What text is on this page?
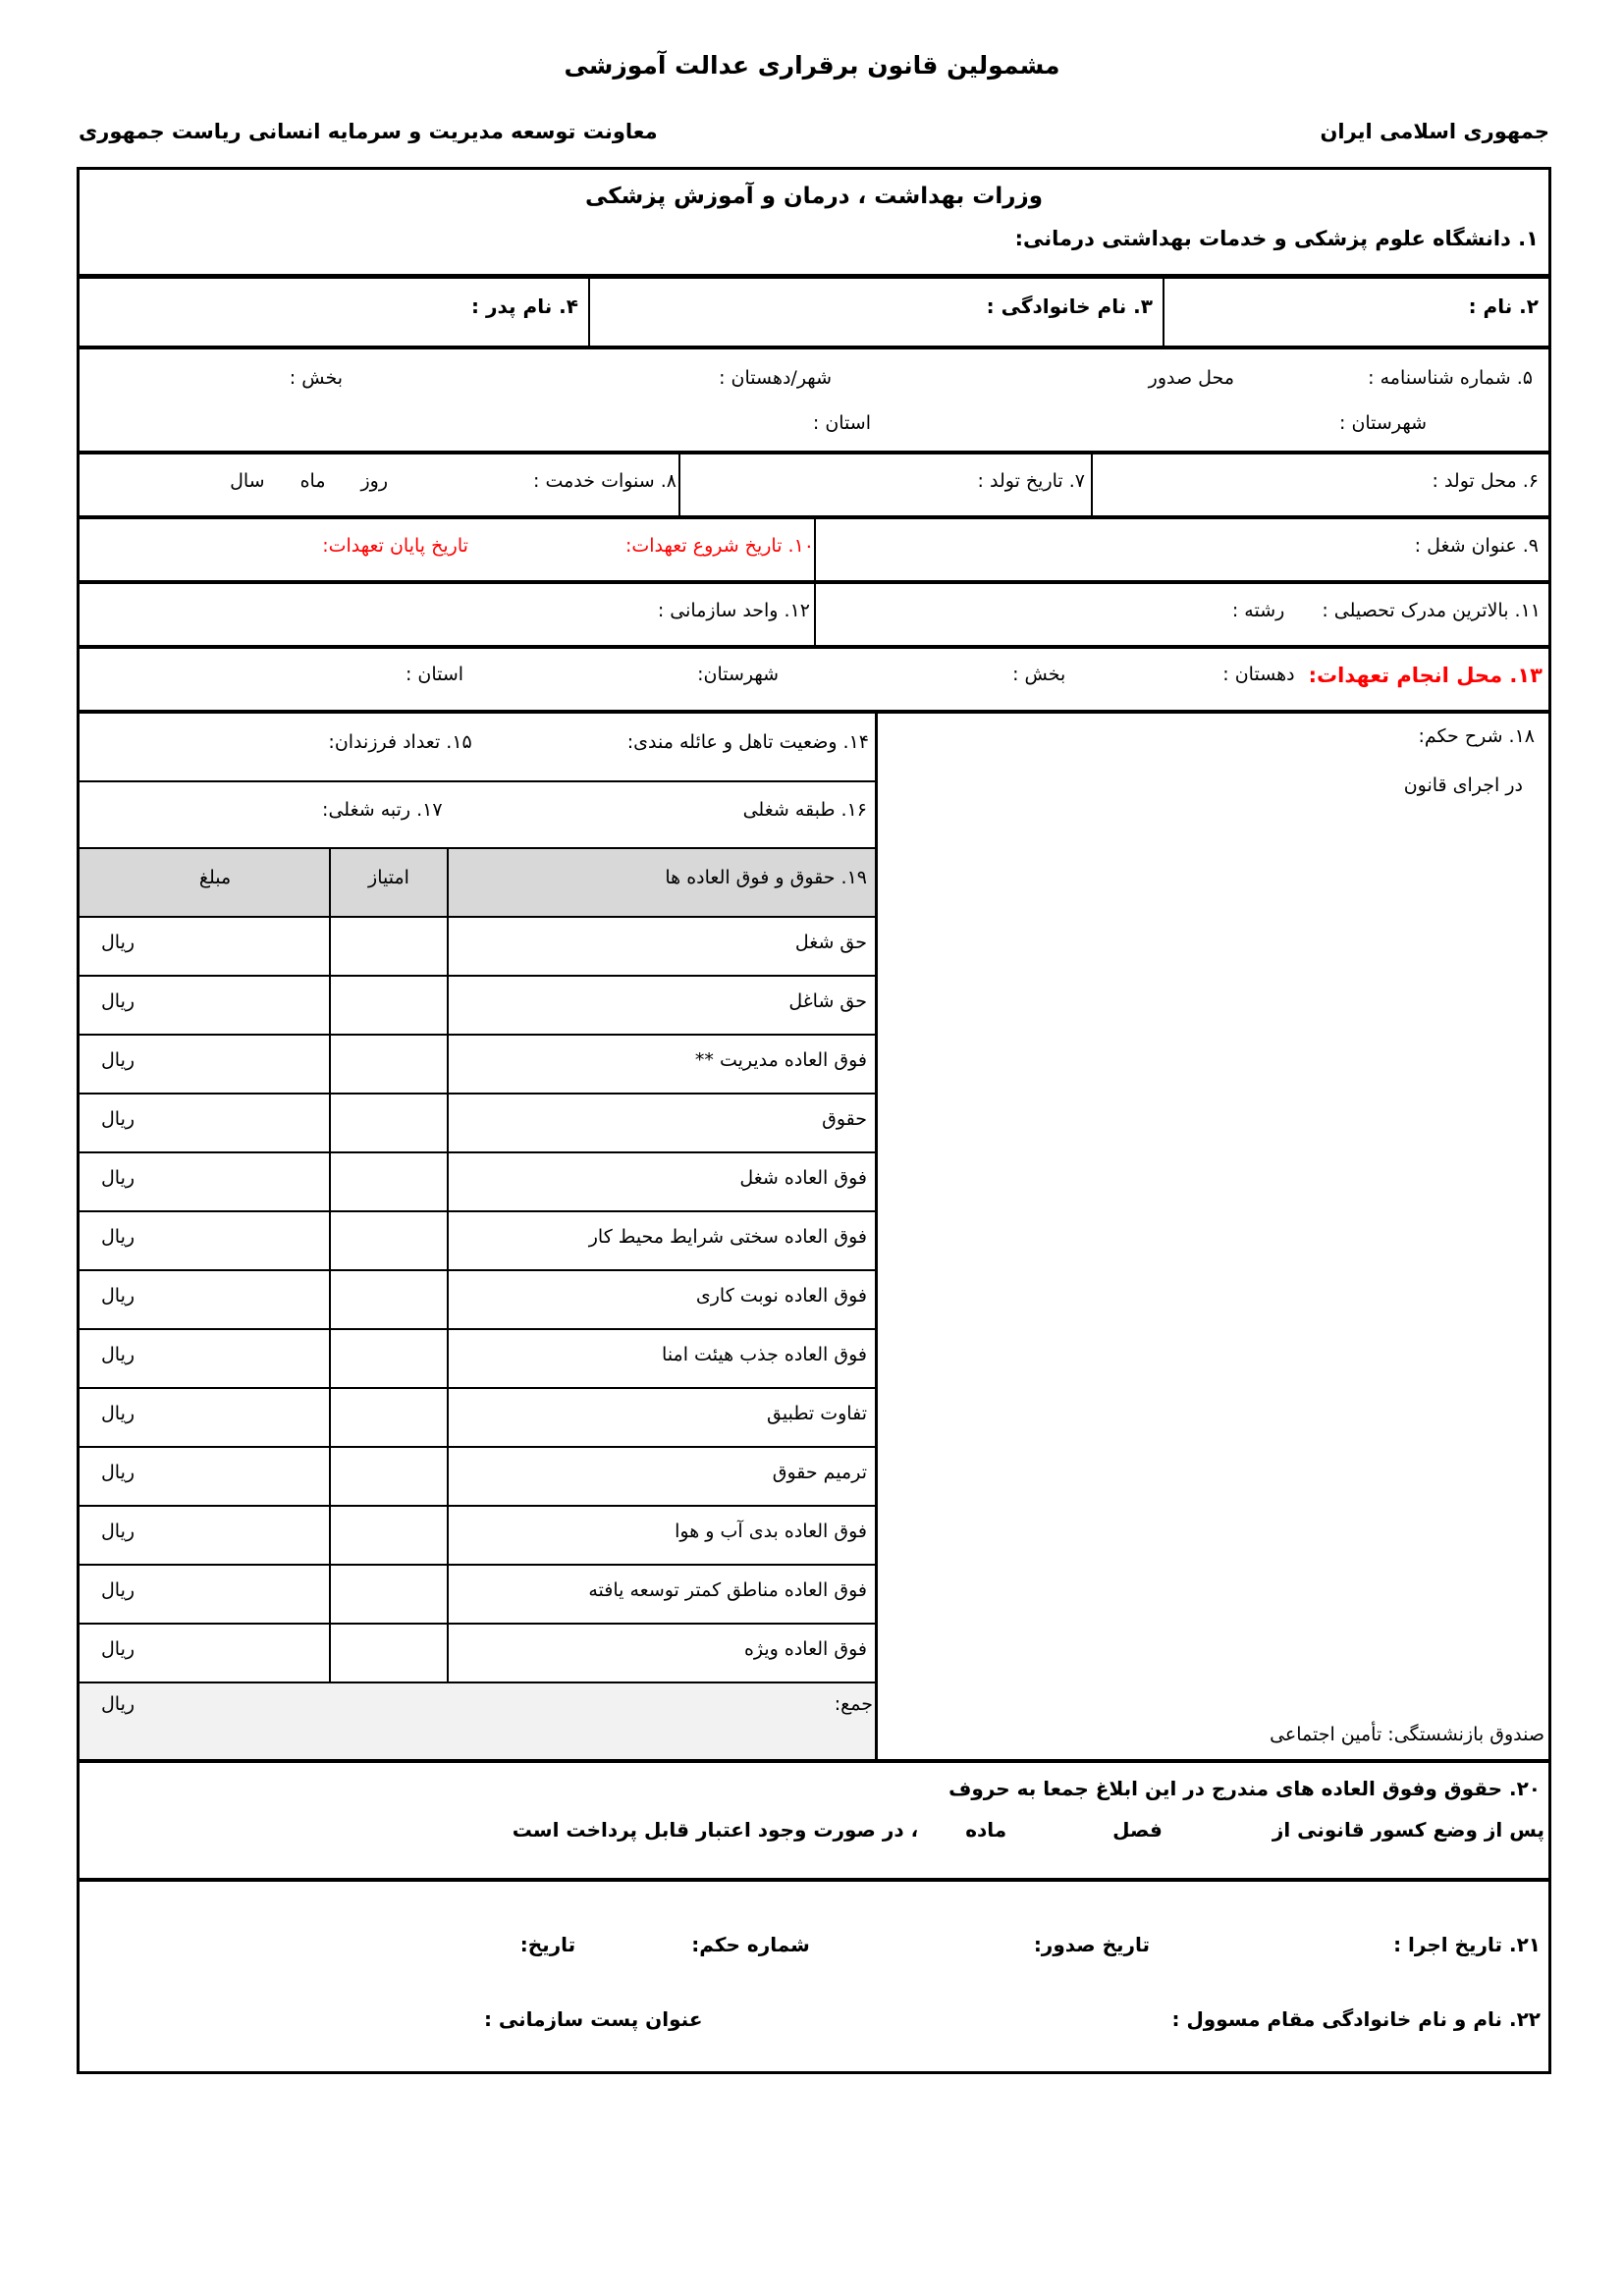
مشمولین قانون برقراری عدالت آموزشی
جمهوری اسلامی ایران
معاونت توسعه مدیریت و سرمایه انسانی ریاست جمهوری
وزرات بهداشت ، درمان و آموزش پزشکی
۱. دانشگاه علوم پزشکی و خدمات بهداشتی درمانی:
۲. نام :
۳. نام خانوادگی :
۴. نام پدر :
۵. شماره شناسنامه :
محل صدور
شهر/دهستان :
بخش :
شهرستان :
استان :
۶. محل تولد :
۷. تاریخ تولد :
۸. سنوات خدمت :
روز
ماه
سال
۹. عنوان شغل :
۱۰. تاریخ شروع تعهدات:
تاریخ پایان تعهدات:
۱۱. بالاترین مدرک تحصیلی :
رشته :
۱۲. واحد سازمانی :
۱۳. محل انجام تعهدات:
دهستان :
بخش :
شهرستان:
استان :
۱۸. شرح حکم:
در اجرای قانون
صندوق بازنشستگی: تأمین اجتماعی
۱۴. وضعیت تاهل و عائله مندی:
۱۵. تعداد فرزندان:
۱۶. طبقه شغلی
۱۷. رتبه شغلی:
۱۹. حقوق و فوق العاده ها
امتیاز
مبلغ
حق شغل
ریال
حق شاغل
ریال
فوق العاده مدیریت **
ریال
حقوق
ریال
فوق العاده شغل
ریال
فوق العاده سختی شرایط محیط کار
ریال
فوق العاده نوبت کاری
ریال
فوق العاده جذب هیئت امنا
ریال
تفاوت تطبیق
ریال
ترمیم حقوق
ریال
فوق العاده بدی آب و هوا
ریال
فوق العاده مناطق کمتر توسعه یافته
ریال
فوق العاده ویژه
ریال
جمع:
ریال
۲۰. حقوق وفوق العاده های مندرج در این ابلاغ جمعا به حروف
پس از وضع کسور قانونی از
فصل
ماده
، در صورت وجود اعتبار قابل پرداخت است
۲۱. تاریخ اجرا :
تاریخ صدور:
شماره حکم:
تاریخ:
۲۲. نام و نام خانوادگی مقام مسوول :
عنوان پست سازمانی :
